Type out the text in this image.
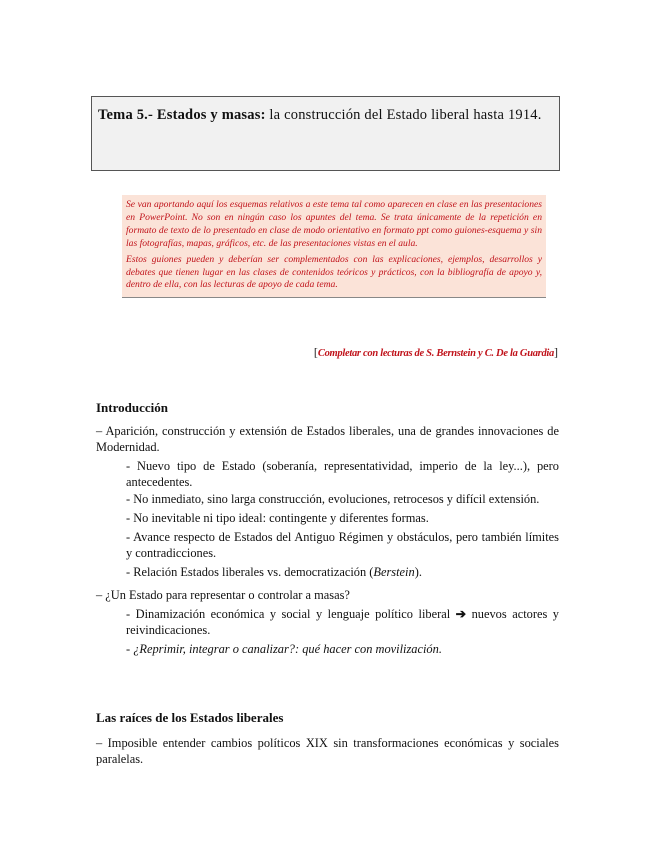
Tema 5.- Estados y masas: la construcción del Estado liberal hasta 1914.

Se van aportando aquí los esquemas relativos a este tema tal como aparecen en clase en las presentaciones en PowerPoint. No son en ningún caso los apuntes del tema. Se trata únicamente de la repetición en formato de texto de lo presentado en clase de modo orientativo en formato ppt como guiones-esquema y sin las fotografías, mapas, gráficos, etc. de las presentaciones vistas en el aula.

Estos guiones pueden y deberían ser complementados con las explicaciones, ejemplos, desarrollos y debates que tienen lugar en las clases de contenidos teóricos y prácticos, con la bibliografía de apoyo y, dentro de ella, con las lecturas de apoyo de cada tema.

[Completar con lecturas de S. Bernstein y C. De la Guardia]
Introducción
– Aparición, construcción y extensión de Estados liberales, una de grandes innovaciones de Modernidad.
- Nuevo tipo de Estado (soberanía, representatividad, imperio de la ley...), pero antecedentes.
- No inmediato, sino larga construcción, evoluciones, retrocesos y difícil extensión.
- No inevitable ni tipo ideal: contingente y diferentes formas.
- Avance respecto de Estados del Antiguo Régimen y obstáculos, pero también límites y contradicciones.
- Relación Estados liberales vs. democratización (Berstein).
– ¿Un Estado para representar o controlar a masas?
- Dinamización económica y social y lenguaje político liberal ➔ nuevos actores y reivindicaciones.
- ¿Reprimir, integrar o canalizar?: qué hacer con movilización.
Las raíces de los Estados liberales
– Imposible entender cambios políticos XIX sin transformaciones económicas y sociales paralelas.
